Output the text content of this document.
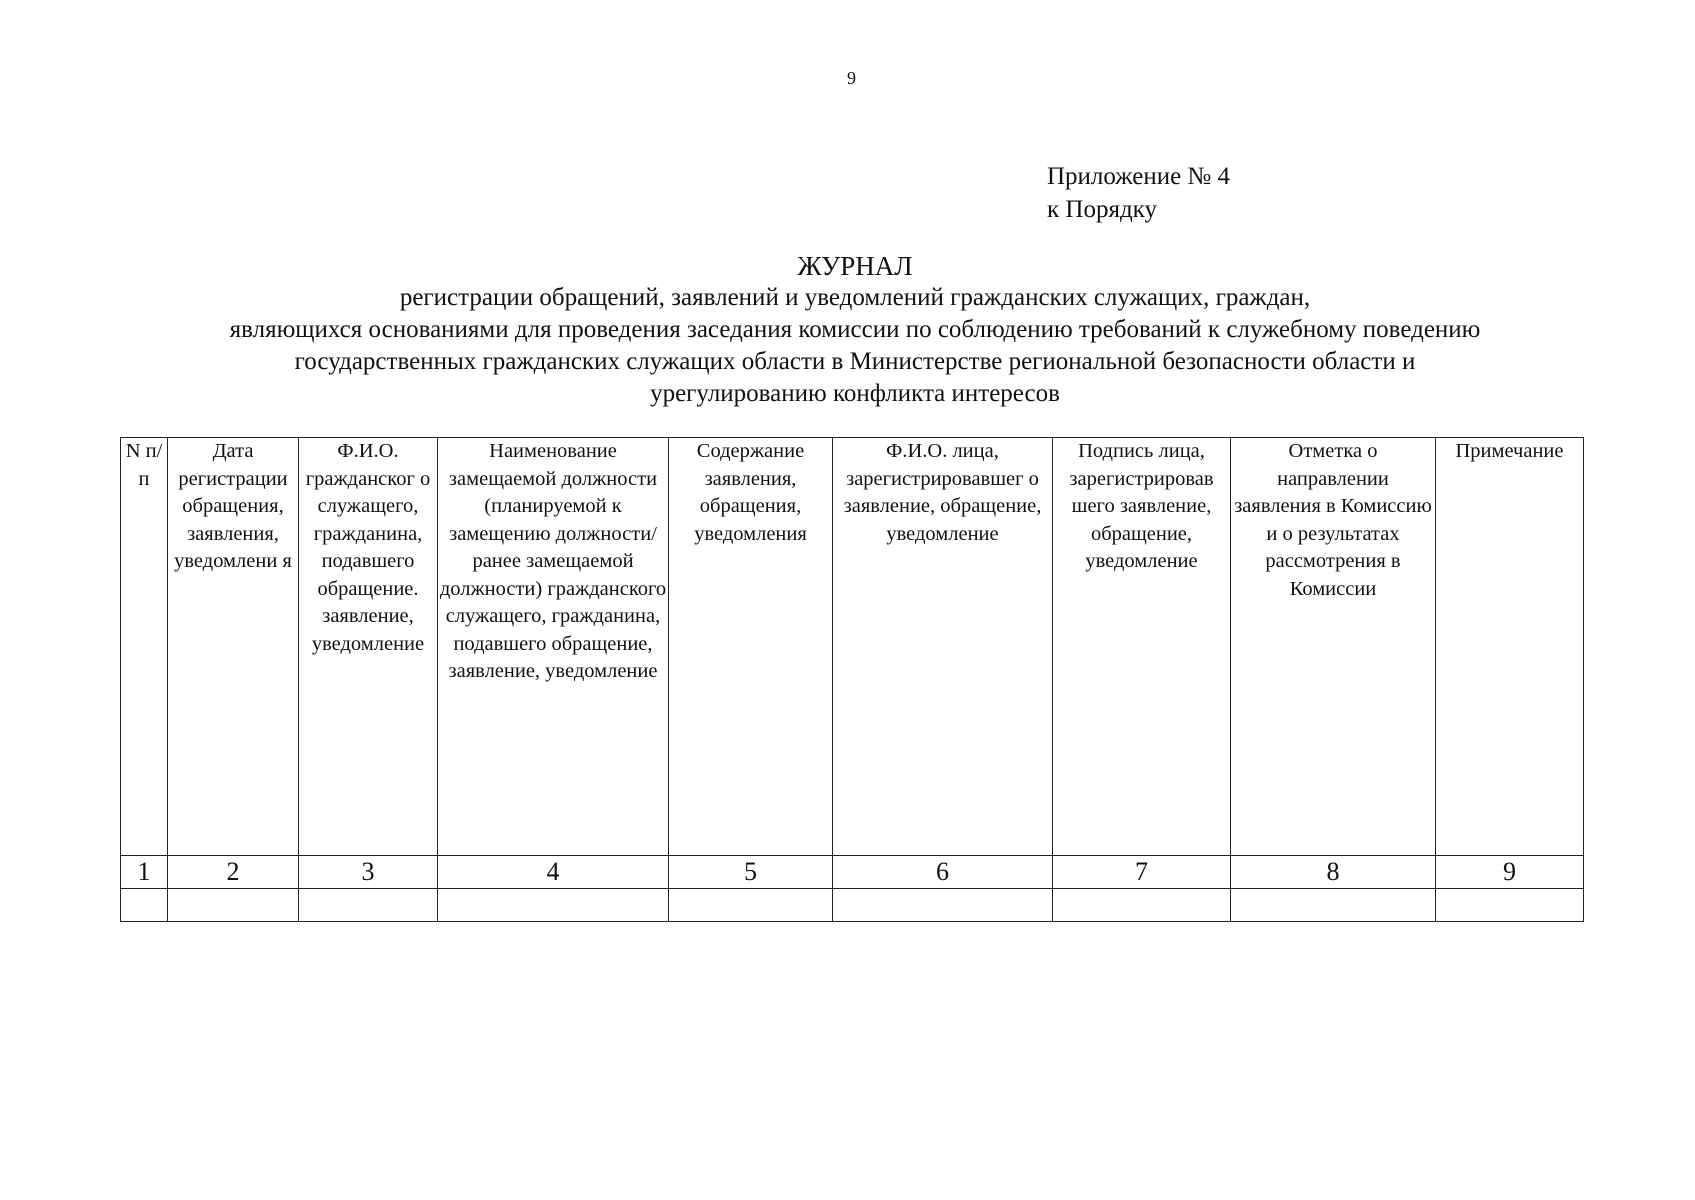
9
Приложение № 4
к Порядку
ЖУРНАЛ
регистрации обращений, заявлений и уведомлений гражданских служащих, граждан,
являющихся основаниями для проведения заседания комиссии по соблюдению требований к служебному поведению
государственных гражданских служащих области в Министерстве региональной безопасности области и
урегулированию конфликта интересов
N п/п	Дата регистрации обращения, заявления, уведомлени я	Ф.И.О. гражданског о служащего, гражданина, подавшего обращение. заявление, уведомление	Наименование замещаемой должности (планируемой к замещению должности/ранее замещаемой должности) гражданского служащего, гражданина, подавшего обращение, заявление, уведомление	Содержание заявления, обращения, уведомления	Ф.И.О. лица, зарегистрировавшег о заявление, обращение, уведомление	Подпись лица, зарегистрировав шего заявление, обращение, уведомление	Отметка о направлении заявления в Комиссию и о результатах рассмотрения в Комиссии	Примечание
1	2	3	4	5	6	7	8	9
